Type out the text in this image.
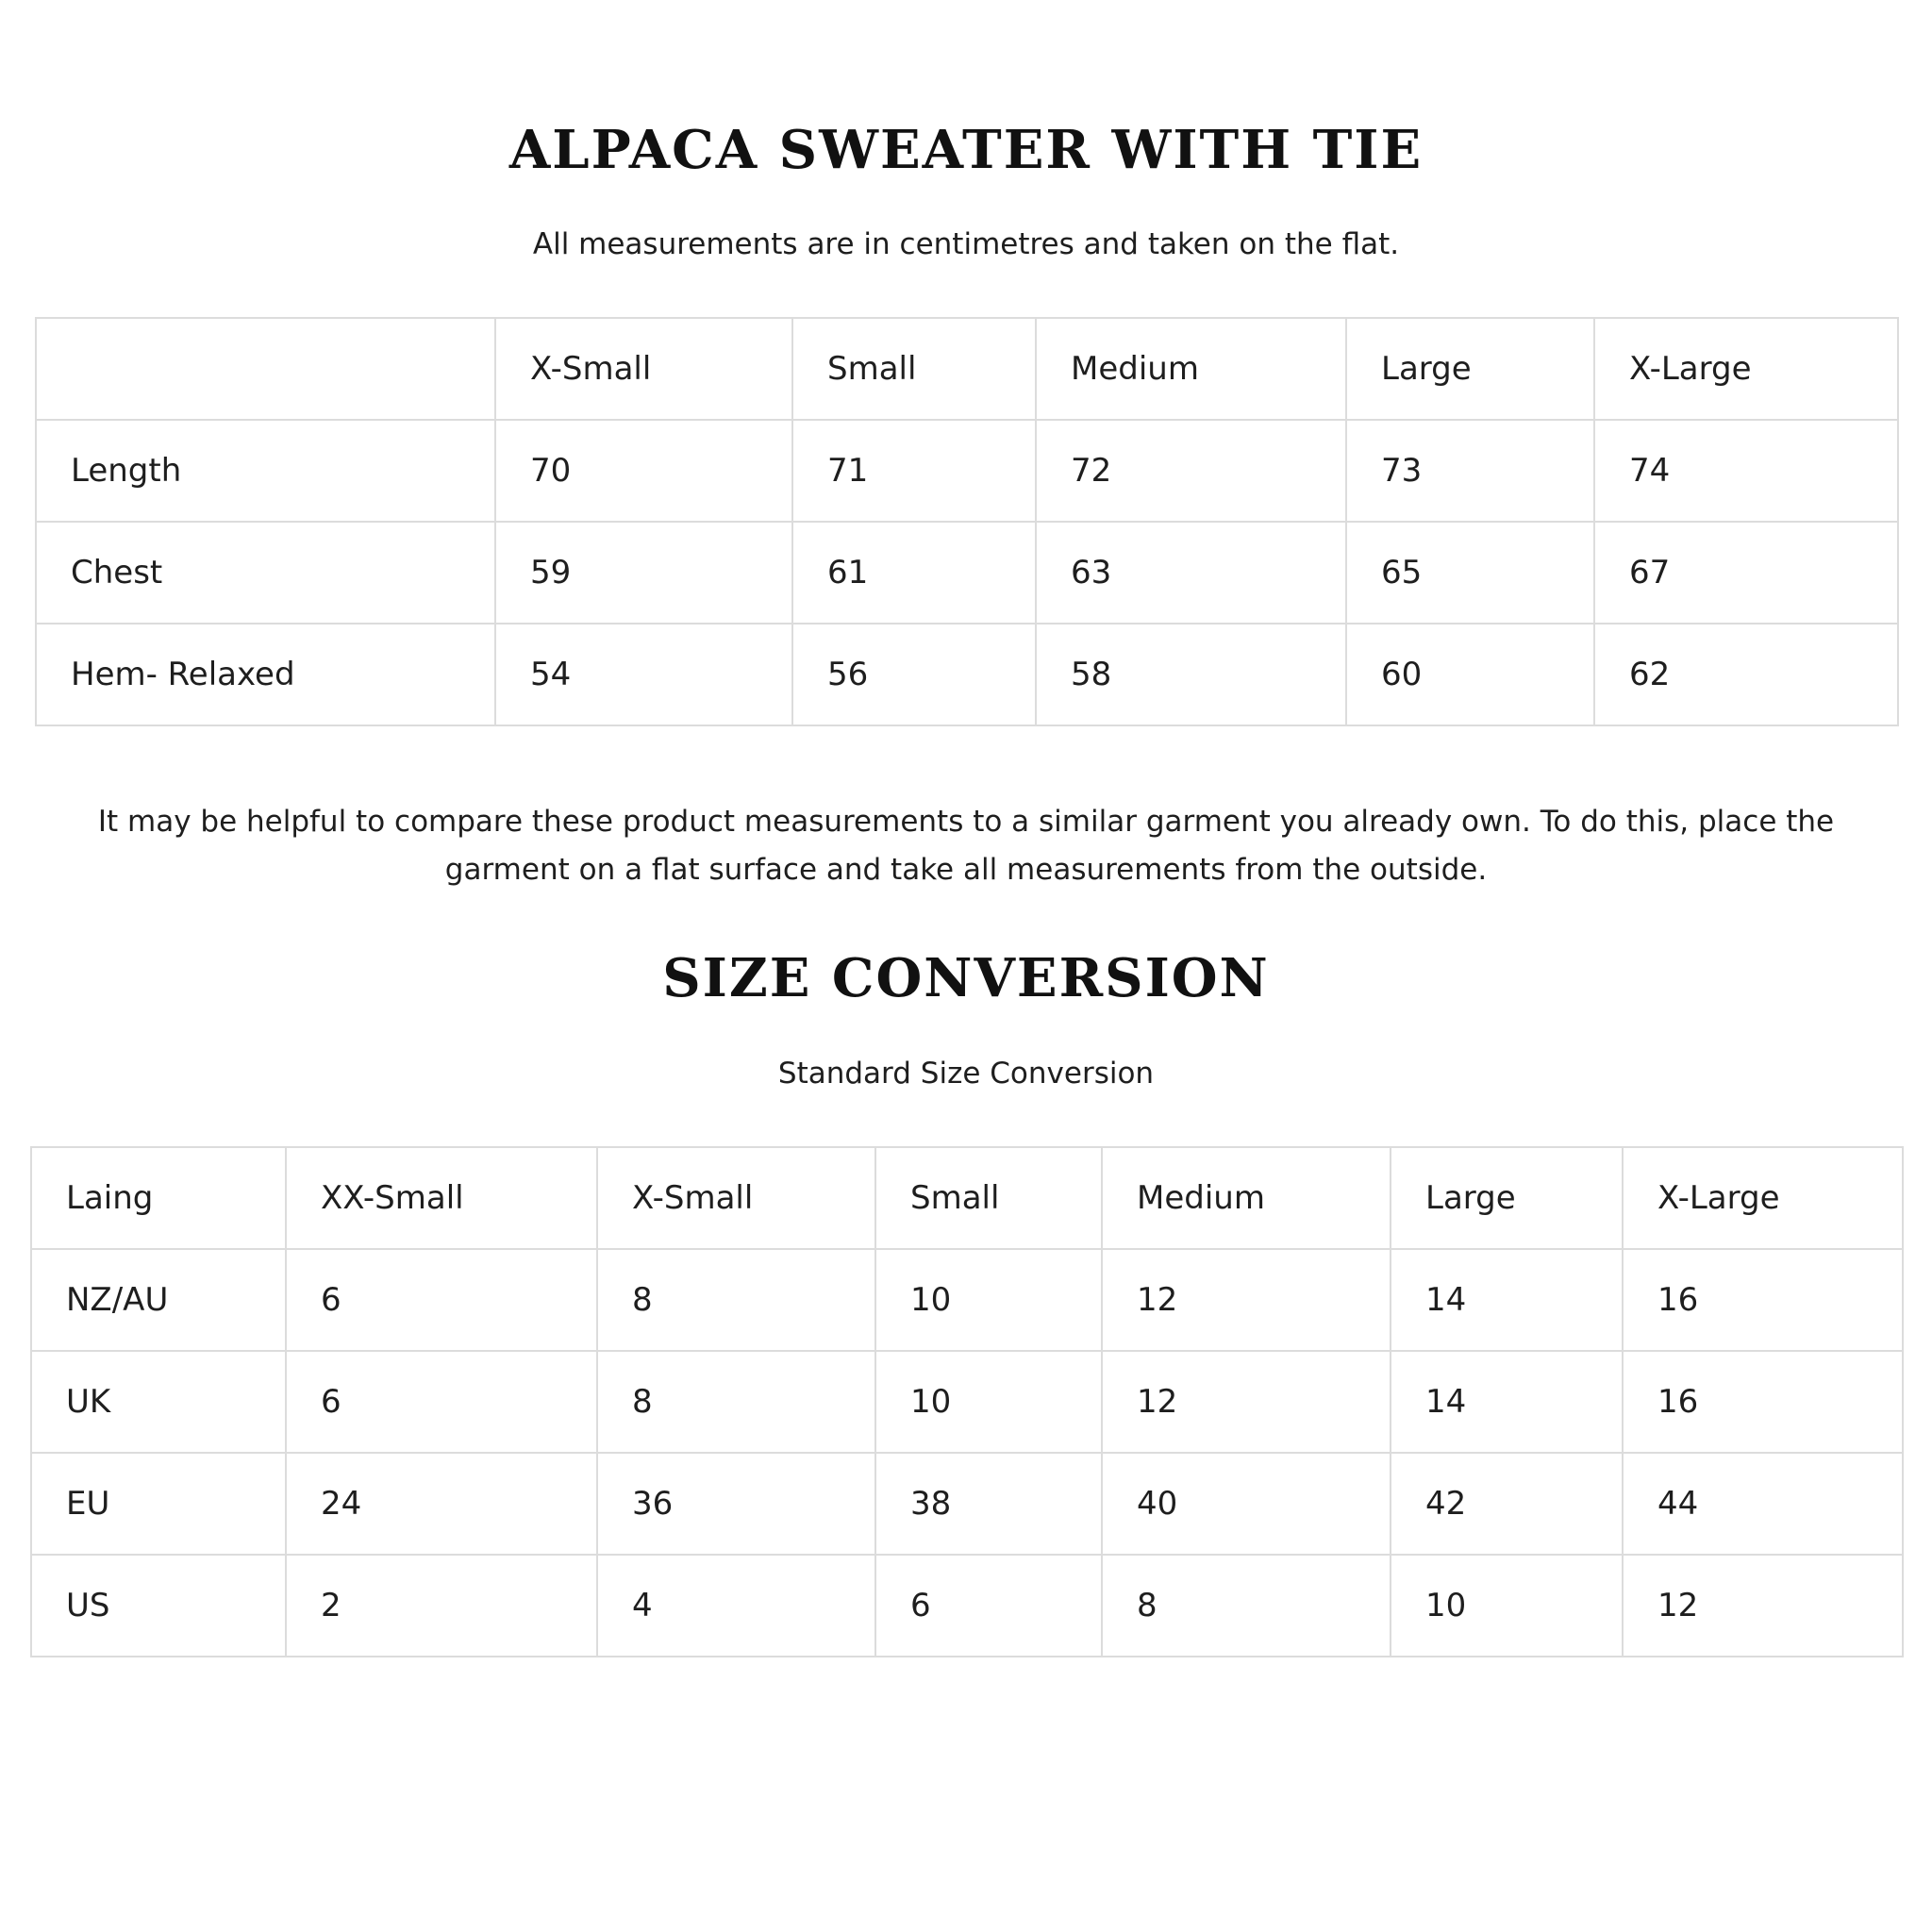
ALPACA SWEATER WITH TIE

All measurements are in centimetres and taken on the flat.

	X-Small	Small	Medium	Large	X-Large
Length	70	71	72	73	74
Chest	59	61	63	65	67
Hem- Relaxed	54	56	58	60	62

It may be helpful to compare these product measurements to a similar garment you already own. To do this, place the garment on a flat surface and take all measurements from the outside.

SIZE CONVERSION

Standard Size Conversion

Laing	XX-Small	X-Small	Small	Medium	Large	X-Large
NZ/AU	6	8	10	12	14	16
UK	6	8	10	12	14	16
EU	24	36	38	40	42	44
US	2	4	6	8	10	12
